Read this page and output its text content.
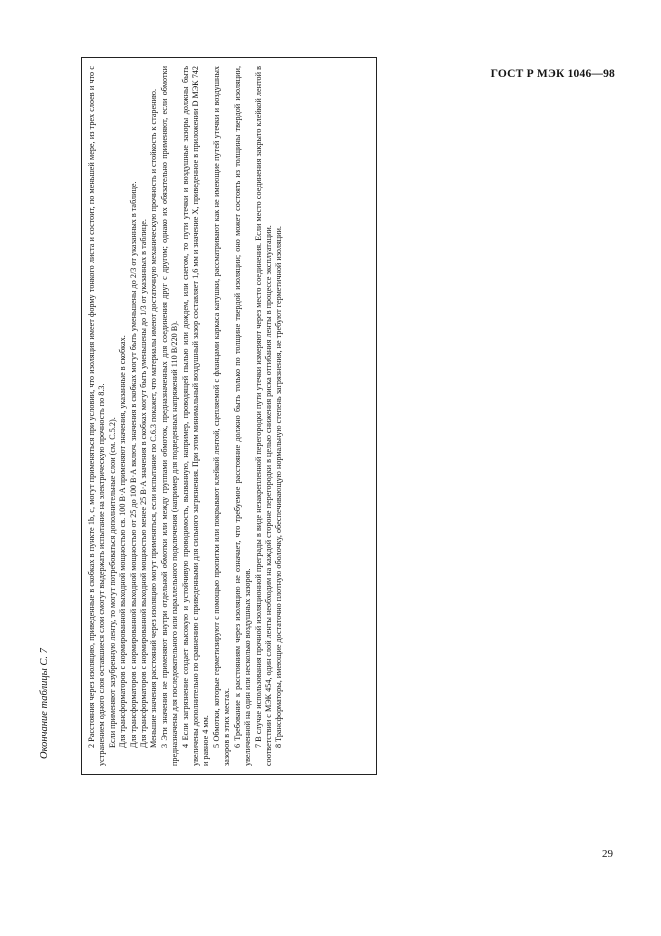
ГОСТ Р МЭК 1046—98
Окончание таблицы С. 7	2 Расстояния через изоляцию, приведенные в скобках в пункте 1b, с, могут применяться при условии, что изоляция имеет форму тонкого листа и состоит, по меньшей мере, из трех слоев и что с устранением одного слоя оставшиеся слои смогут выдержать испытание на электрическую прочность по 8.3. Если применяют зазубренную ленту, то могут потребоваться дополнительные слои (см. С.5.2). Для трансформаторов с нормированной выходной мощностью св. 100 В·А применяют значения, указанные в скобках. Для трансформаторов с нормированной выходной мощностью от 25 до 100 В·А включ. значения в скобках могут быть уменьшены до 2/3 от указанных в таблице. Для трансформаторов с нормированной выходной мощностью менее 25 В·А значения в скобках могут быть уменьшены до 1/3 от указанных в таблице. Меньшие значения расстояний через изоляцию могут применяться, если испытание по С.6.3 покажет, что материалы имеют достаточную механическую прочность и стойкость к старению. 3 Эти значения не применяют внутри отдельной обмотки или между группами обмоток, предназначенных для соединения друг с другом; однако их обязательно применяют, если обмотки предназначены для последовательного или параллельного подключения (например для подведенных напряжений 110 В/220 В). 4 Если загрязнение создает высокую и устойчивую проводимость, вызванную, например, проводящей пылью или дождем, или снегом, то пути утечки и воздушные зазоры должны быть увеличены дополнительно по сравнению с приведенными для сильного загрязнения. При этом минимальный воздушный зазор составляет 1,6 мм и значение X, приведенное в приложении D МЭК 742 и равное 4 мм. 5 Обмотки, которые герметизируют с помощью пропитки или покрывают клейкой лентой, сцепляемой с фланцами каркаса катушки, рассматривают как не имеющие путей утечки и воздушных зазоров в этих местах. 6 Требование к расстояниям через изоляцию не означает, что требуемое расстояние должно быть только по толщине твердой изоляции; оно может состоять из толщины твердой изоляции, увеличенной на один или несколько воздушных зазоров. 7 В случае использования прочной изоляционной преграды в виде незакрепленной перегородки пути утечки измеряют через место соединения. Если место соединения закрыто клейкой лентой в соответствии с МЭК 454, один слой ленты необходим на каждой стороне перегородки в целью снижения риска отгибания ленты в процессе эксплуатации. 8 Трансформаторы, имеющие достаточно плотную оболочку, обеспечивающую нормальную степень загрязнения, не требуют герметичной изоляции.

29
